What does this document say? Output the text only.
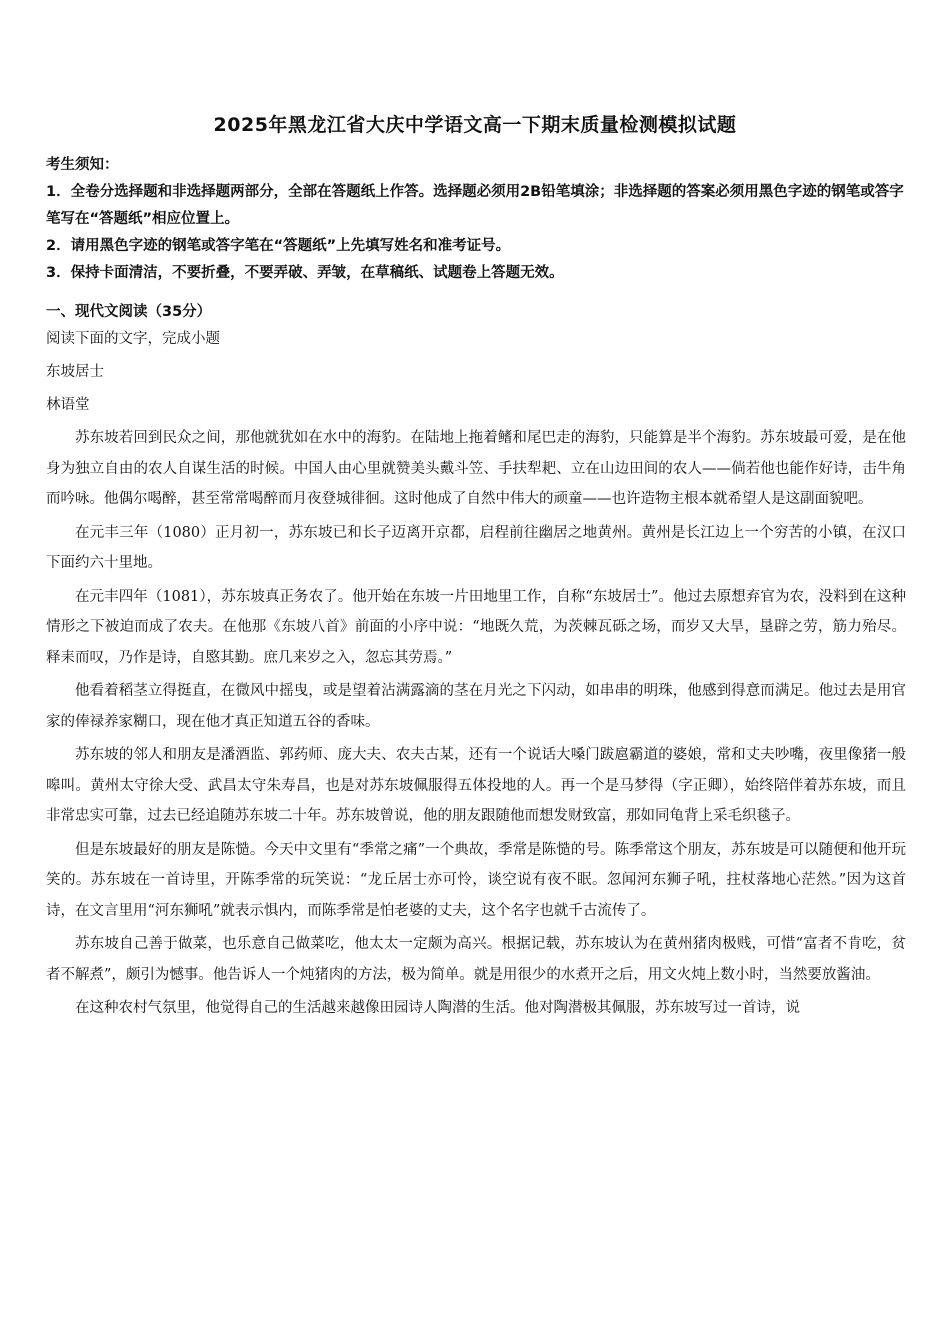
2025年黑龙江省大庆中学语文高一下期末质量检测模拟试题

考生须知：

1．全卷分选择题和非选择题两部分，全部在答题纸上作答。选择题必须用2B铅笔填涂；非选择题的答案必须用黑色字迹的钢笔或答字笔写在“答题纸”相应位置上。

2．请用黑色字迹的钢笔或答字笔在“答题纸”上先填写姓名和准考证号。

3．保持卡面清洁，不要折叠，不要弄破、弄皱，在草稿纸、试题卷上答题无效。

一、现代文阅读（35分）
阅读下面的文字，完成小题
东坡居士
林语堂

苏东坡若回到民众之间，那他就犹如在水中的海豹。在陆地上拖着鳍和尾巴走的海豹，只能算是半个海豹。苏东坡最可爱，是在他身为独立自由的农人自谋生活的时候。中国人由心里就赞美头戴斗笠、手扶犁耙、立在山边田间的农人——倘若他也能作好诗，击牛角而吟咏。他偶尔喝醉，甚至常常喝醉而月夜登城徘徊。这时他成了自然中伟大的顽童——也许造物主根本就希望人是这副面貌吧。

在元丰三年（1080）正月初一，苏东坡已和长子迈离开京都，启程前往幽居之地黄州。黄州是长江边上一个穷苦的小镇，在汉口下面约六十里地。

在元丰四年（1081），苏东坡真正务农了。他开始在东坡一片田地里工作，自称“东坡居士”。他过去原想弃官为农，没料到在这种情形之下被迫而成了农夫。在他那《东坡八首》前面的小序中说：“地既久荒，为茨棘瓦砾之场，而岁又大旱，垦辟之劳，筋力殆尽。释耒而叹，乃作是诗，自愍其勤。庶几来岁之入，忽忘其劳焉。”

他看着稻茎立得挺直，在微风中摇曳，或是望着沾满露滴的茎在月光之下闪动，如串串的明珠，他感到得意而满足。他过去是用官家的俸禄养家糊口，现在他才真正知道五谷的香味。

苏东坡的邻人和朋友是潘酒监、郭药师、庞大夫、农夫古某，还有一个说话大嗓门跋扈霸道的婆娘，常和丈夫吵嘴，夜里像猪一般嗥叫。黄州太守徐大受、武昌太守朱寿昌，也是对苏东坡佩服得五体投地的人。再一个是马梦得（字正卿），始终陪伴着苏东坡，而且非常忠实可靠，过去已经追随苏东坡二十年。苏东坡曾说，他的朋友跟随他而想发财致富，那如同龟背上采毛织毯子。

但是东坡最好的朋友是陈慥。今天中文里有“季常之痛”一个典故，季常是陈慥的号。陈季常这个朋友，苏东坡是可以随便和他开玩笑的。苏东坡在一首诗里，开陈季常的玩笑说：“龙丘居士亦可怜，谈空说有夜不眠。忽闻河东狮子吼，拄杖落地心茫然。”因为这首诗，在文言里用“河东狮吼”就表示惧内，而陈季常是怕老婆的丈夫，这个名字也就千古流传了。

苏东坡自己善于做菜，也乐意自己做菜吃，他太太一定颇为高兴。根据记载，苏东坡认为在黄州猪肉极贱，可惜“富者不肯吃，贫者不解煮”，颇引为憾事。他告诉人一个炖猪肉的方法，极为简单。就是用很少的水煮开之后，用文火炖上数小时，当然要放酱油。

在这种农村气氛里，他觉得自己的生活越来越像田园诗人陶潜的生活。他对陶潜极其佩服，苏东坡写过一首诗，说
